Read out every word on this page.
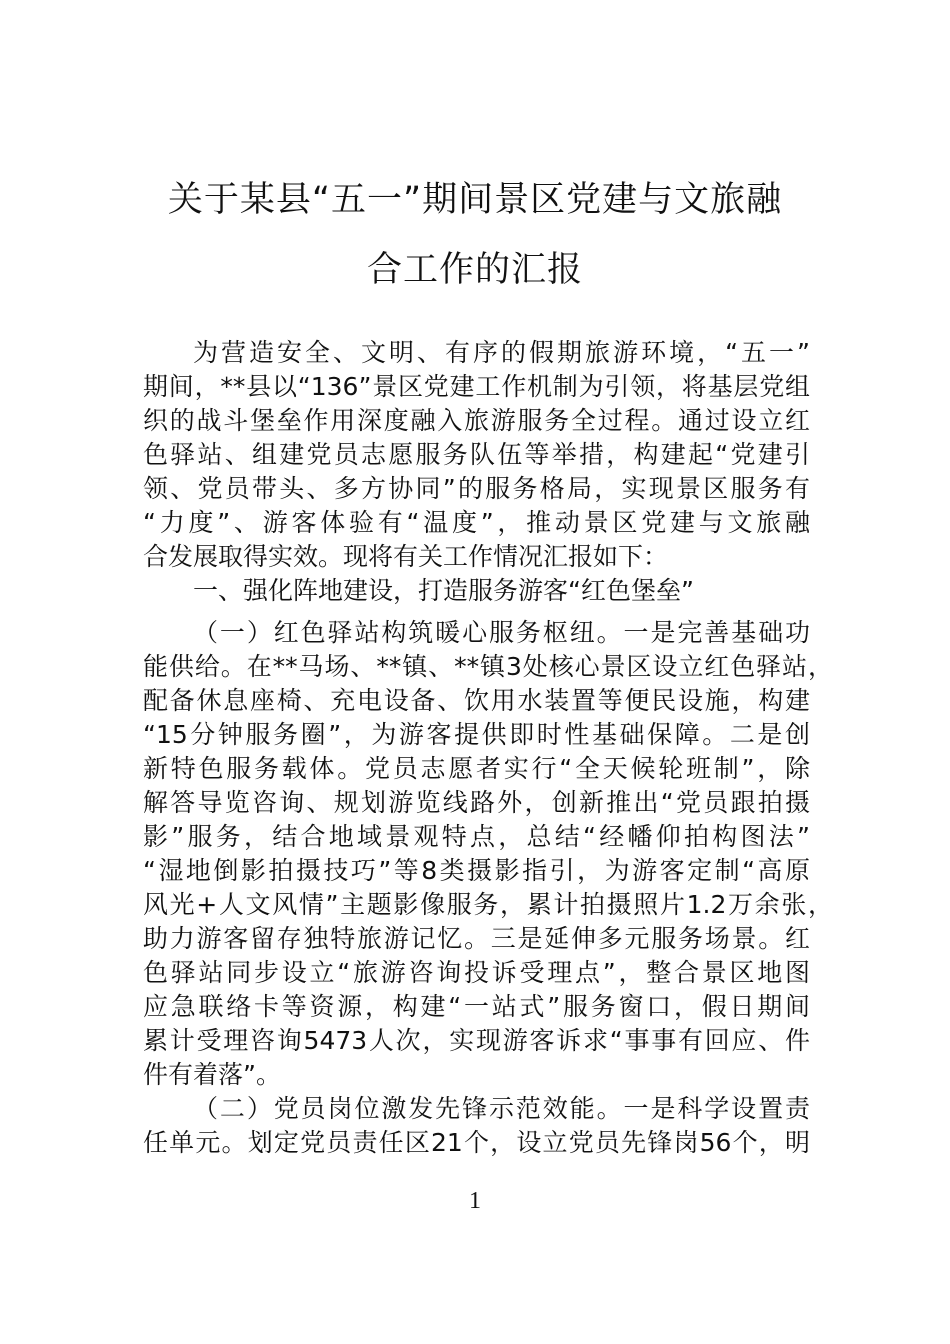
关于某县“五一”期间景区党建与文旅融
合工作的汇报
为营造安全、文明、有序的假期旅游环境，“五一”
期间，**县以“136”景区党建工作机制为引领，将基层党组
织的战斗堡垒作用深度融入旅游服务全过程。通过设立红
色驿站、组建党员志愿服务队伍等举措，构建起“党建引
领、党员带头、多方协同”的服务格局，实现景区服务有
“力度”、游客体验有“温度”，推动景区党建与文旅融
合发展取得实效。现将有关工作情况汇报如下：
一、强化阵地建设，打造服务游客“红色堡垒”
（一）红色驿站构筑暖心服务枢纽。一是完善基础功
能供给。在**马场、**镇、**镇3处核心景区设立红色驿站，
配备休息座椅、充电设备、饮用水装置等便民设施，构建
“15分钟服务圈”，为游客提供即时性基础保障。二是创
新特色服务载体。党员志愿者实行“全天候轮班制”，除
解答导览咨询、规划游览线路外，创新推出“党员跟拍摄
影”服务，结合地域景观特点，总结“经幡仰拍构图法”
“湿地倒影拍摄技巧”等8类摄影指引，为游客定制“高原
风光+人文风情”主题影像服务，累计拍摄照片1.2万余张，
助力游客留存独特旅游记忆。三是延伸多元服务场景。红
色驿站同步设立“旅游咨询投诉受理点”，整合景区地图
应急联络卡等资源，构建“一站式”服务窗口，假日期间
累计受理咨询5473人次，实现游客诉求“事事有回应、件
件有着落”。
（二）党员岗位激发先锋示范效能。一是科学设置责
任单元。划定党员责任区21个，设立党员先锋岗56个，明
1
